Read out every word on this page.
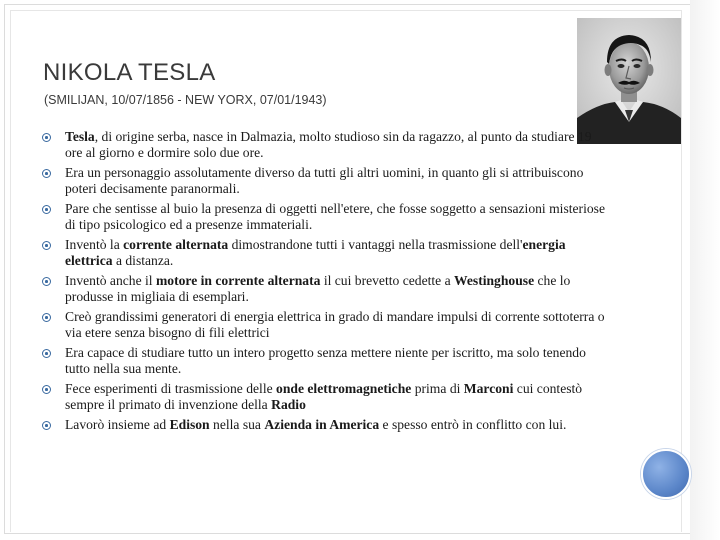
NIKOLA TESLA
(SMILIJAN, 10/07/1856 - NEW YORX, 07/01/1943)
Tesla, di origine serba, nasce in Dalmazia, molto studioso sin da ragazzo, al punto da studiare 19 ore al giorno e dormire solo due ore.
Era un personaggio assolutamente diverso da tutti gli altri uomini, in quanto gli si attribuiscono poteri decisamente paranormali.
Pare che sentisse al buio la presenza di oggetti nell'etere, che fosse soggetto a sensazioni misteriose di tipo psicologico ed a presenze immateriali.
Inventò la corrente alternata dimostrandone tutti i vantaggi nella trasmissione dell'energia elettrica a distanza.
Inventò anche il motore in corrente alternata il cui brevetto cedette a Westinghouse che lo produsse in migliaia di esemplari.
Creò grandissimi generatori di energia elettrica in grado di mandare impulsi di corrente sottoterra o via etere senza bisogno di fili elettrici
Era capace di studiare tutto un intero progetto senza mettere niente per iscritto, ma solo tenendo tutto nella sua mente.
Fece esperimenti di trasmissione delle onde elettromagnetiche prima di Marconi cui contestò sempre il primato di invenzione della Radio
Lavorò insieme ad Edison nella sua Azienda in America e spesso entrò in conflitto con lui.
